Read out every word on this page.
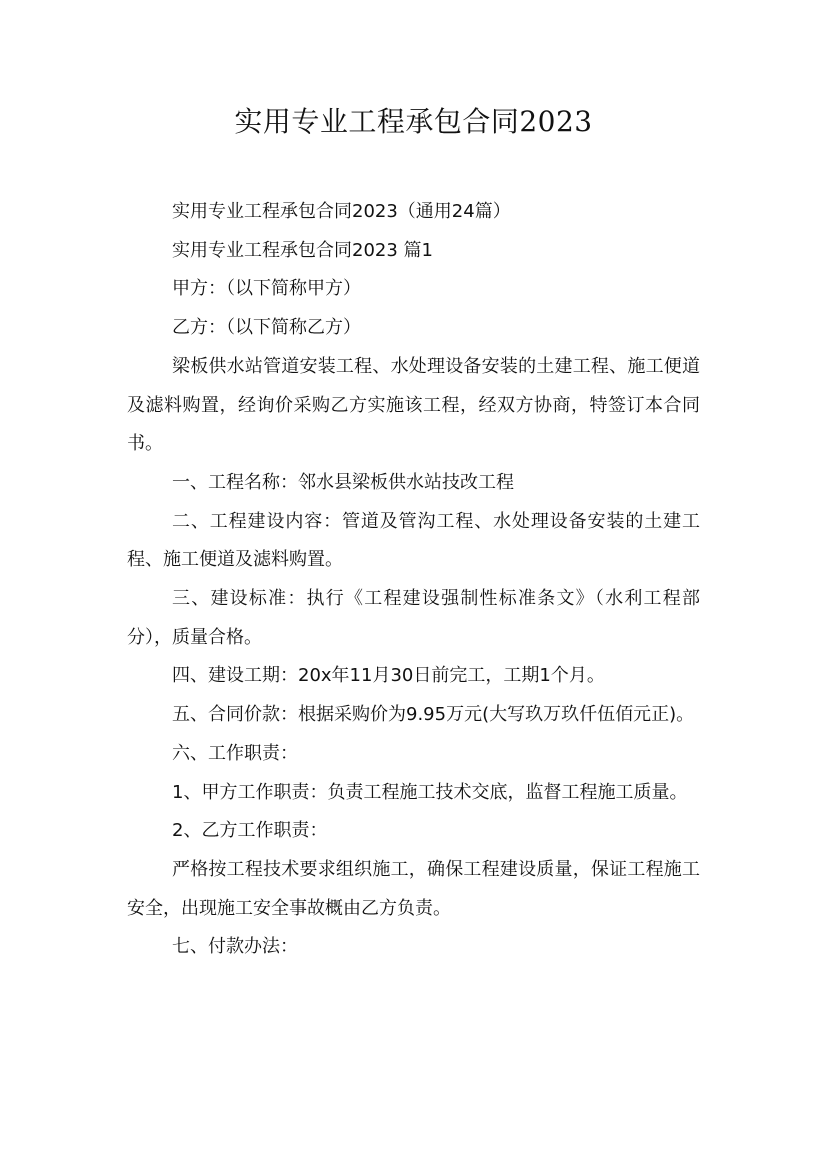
实用专业工程承包合同2023

实用专业工程承包合同2023（通用24篇）

实用专业工程承包合同2023 篇1

甲方：（以下简称甲方）

乙方：（以下简称乙方）

梁板供水站管道安装工程、水处理设备安装的土建工程、施工便道及滤料购置，经询价采购乙方实施该工程，经双方协商，特签订本合同书。

一、工程名称：邻水县梁板供水站技改工程

二、工程建设内容：管道及管沟工程、水处理设备安装的土建工程、施工便道及滤料购置。

三、建设标准：执行《工程建设强制性标准条文》（水利工程部分），质量合格。

四、建设工期：20x年11月30日前完工，工期1个月。

五、合同价款：根据采购价为9.95万元(大写玖万玖仟伍佰元正)。

六、工作职责：

1、甲方工作职责：负责工程施工技术交底，监督工程施工质量。

2、乙方工作职责：

严格按工程技术要求组织施工，确保工程建设质量，保证工程施工安全，出现施工安全事故概由乙方负责。

七、付款办法：
